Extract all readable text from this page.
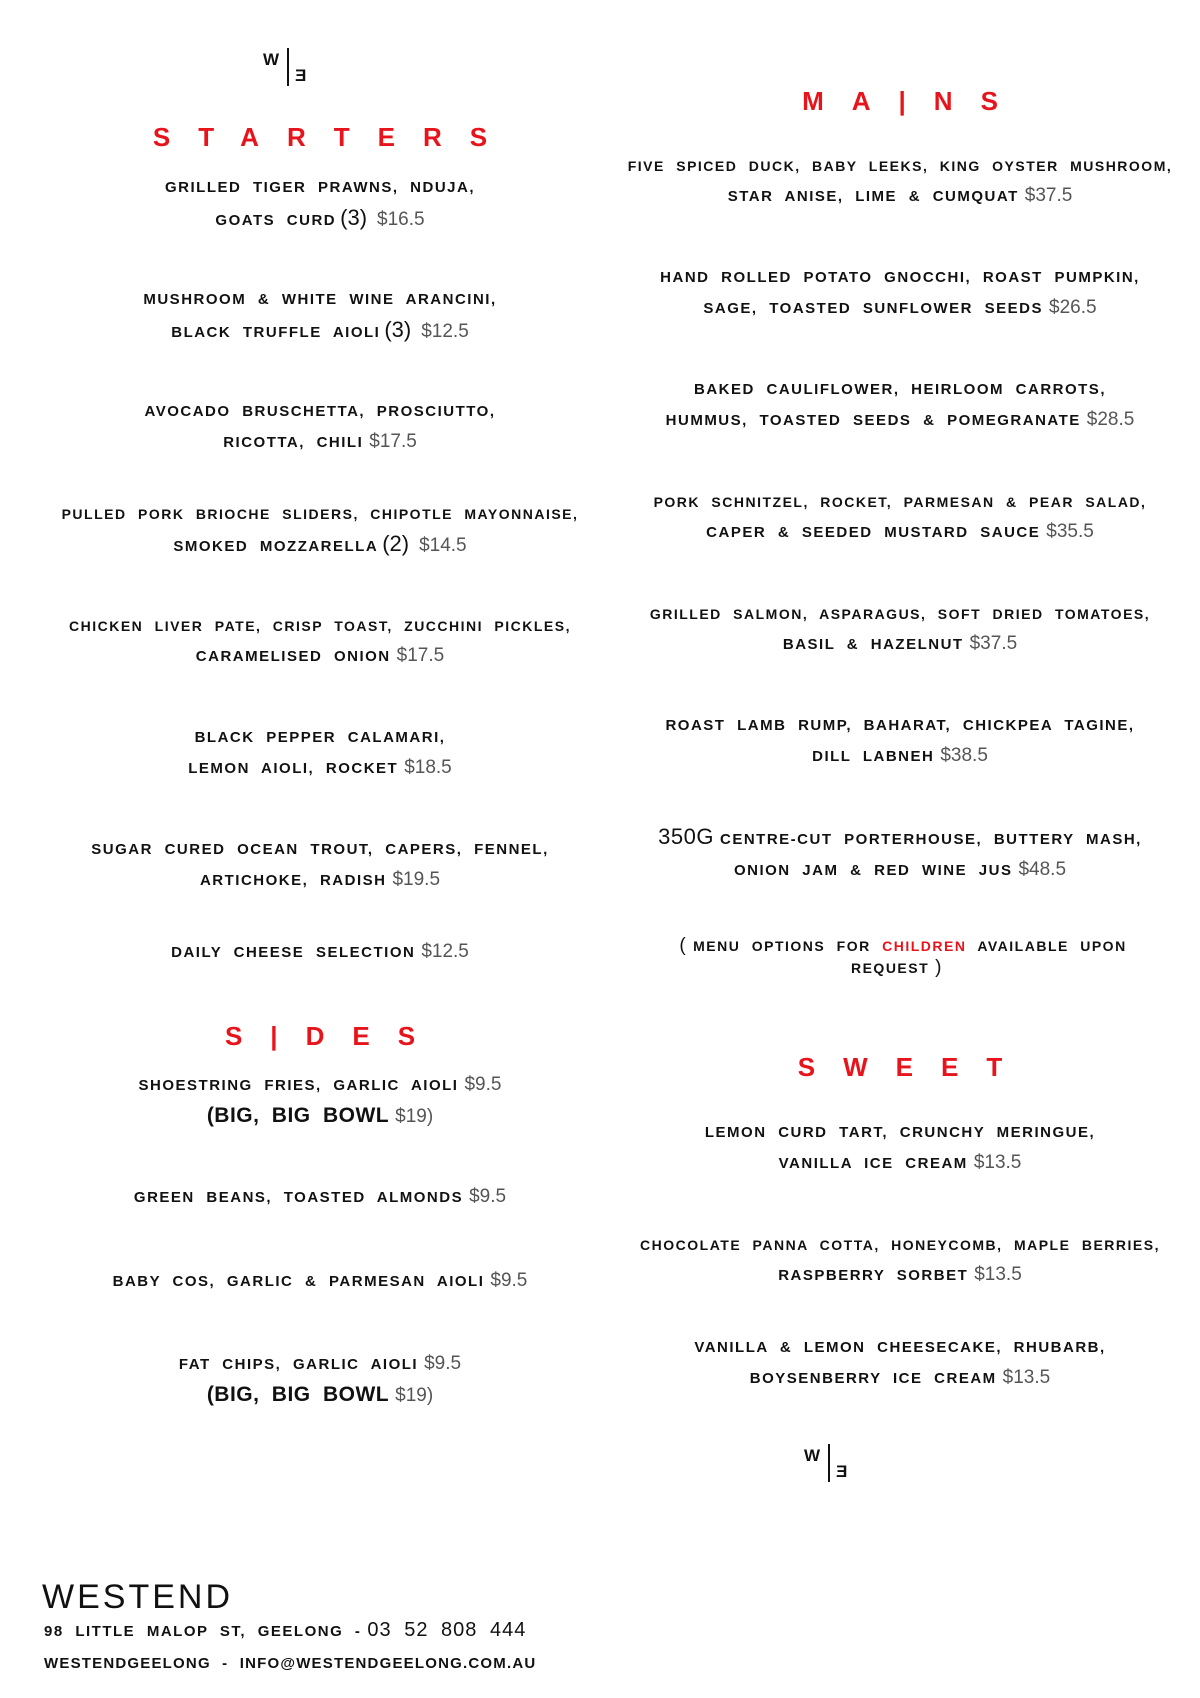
W
E
STARTERS
GRILLED TIGER PRAWNS, NDUJA,
GOATS CURD (3) $16.5
MUSHROOM & WHITE WINE ARANCINI,
BLACK TRUFFLE AIOLI (3) $12.5
AVOCADO BRUSCHETTA, PROSCIUTTO,
RICOTTA, CHILI $17.5
PULLED PORK BRIOCHE SLIDERS, CHIPOTLE MAYONNAISE,
SMOKED MOZZARELLA (2) $14.5
CHICKEN LIVER PATE, CRISP TOAST, ZUCCHINI PICKLES,
CARAMELISED ONION $17.5
BLACK PEPPER CALAMARI,
LEMON AIOLI, ROCKET $18.5
SUGAR CURED OCEAN TROUT, CAPERS, FENNEL,
ARTICHOKE, RADISH $19.5
DAILY CHEESE SELECTION $12.5
S|DES
SHOESTRING FRIES, GARLIC AIOLI $9.5
(BIG, BIG BOWL $19)
GREEN BEANS, TOASTED ALMONDS $9.5
BABY COS, GARLIC & PARMESAN AIOLI $9.5
FAT CHIPS, GARLIC AIOLI $9.5
(BIG, BIG BOWL $19)
MA|NS
FIVE SPICED DUCK, BABY LEEKS, KING OYSTER MUSHROOM,
STAR ANISE, LIME & CUMQUAT $37.5
HAND ROLLED POTATO GNOCCHI, ROAST PUMPKIN,
SAGE, TOASTED SUNFLOWER SEEDS $26.5
BAKED CAULIFLOWER, HEIRLOOM CARROTS,
HUMMUS, TOASTED SEEDS & POMEGRANATE $28.5
PORK SCHNITZEL, ROCKET, PARMESAN & PEAR SALAD,
CAPER & SEEDED MUSTARD SAUCE $35.5
GRILLED SALMON, ASPARAGUS, SOFT DRIED TOMATOES,
BASIL & HAZELNUT $37.5
ROAST LAMB RUMP, BAHARAT, CHICKPEA TAGINE,
DILL LABNEH $38.5
350G CENTRE-CUT PORTERHOUSE, BUTTERY MASH,
ONION JAM & RED WINE JUS $48.5
( MENU OPTIONS FOR CHILDREN AVAILABLE UPON REQUEST )
SWEET
LEMON CURD TART, CRUNCHY MERINGUE,
VANILLA ICE CREAM $13.5
CHOCOLATE PANNA COTTA, HONEYCOMB, MAPLE BERRIES,
RASPBERRY SORBET $13.5
VANILLA & LEMON CHEESECAKE, RHUBARB,
BOYSENBERRY ICE CREAM $13.5
W
E
WESTEND
98 LITTLE MALOP ST, GEELONG - 03 52 808 444
WESTENDGEELONG - INFO@WESTENDGEELONG.COM.AU
